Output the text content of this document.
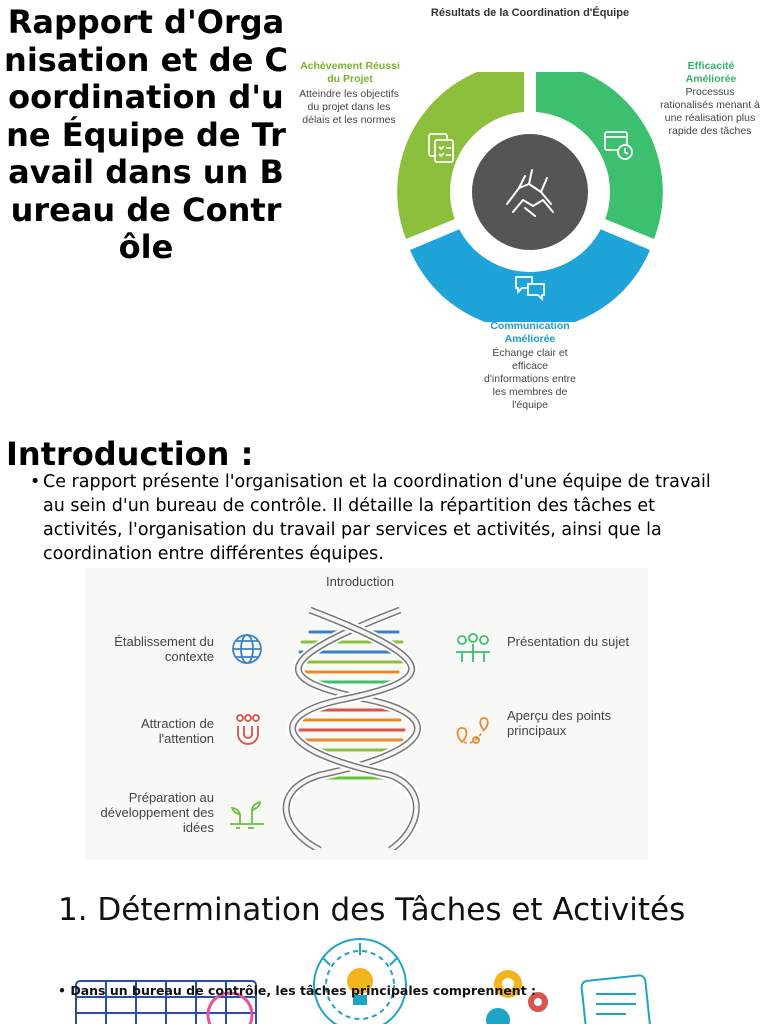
Rapport d'Organisation et de Coordination d'une Équipe de Travail dans un Bureau de Contrôle
Résultats de la Coordination d'Équipe
Achèvement Réussi du Projet
Atteindre les objectifs du projet dans les délais et les normes
Efficacité Améliorée
Processus rationalisés menant à une réalisation plus rapide des tâches
Communication Améliorée
Échange clair et efficace d'informations entre les membres de l'équipe
Introduction :
• Ce rapport présente l'organisation et la coordination d'une équipe de travail au sein d'un bureau de contrôle. Il détaille la répartition des tâches et activités, l'organisation du travail par services et activités, ainsi que la coordination entre différentes équipes.
Introduction
Établissement du contexte
Attraction de l'attention
Préparation au développement des idées
Présentation du sujet
Aperçu des points principaux
1. Détermination des Tâches et Activités
• Dans un bureau de contrôle, les tâches principales comprennent :
